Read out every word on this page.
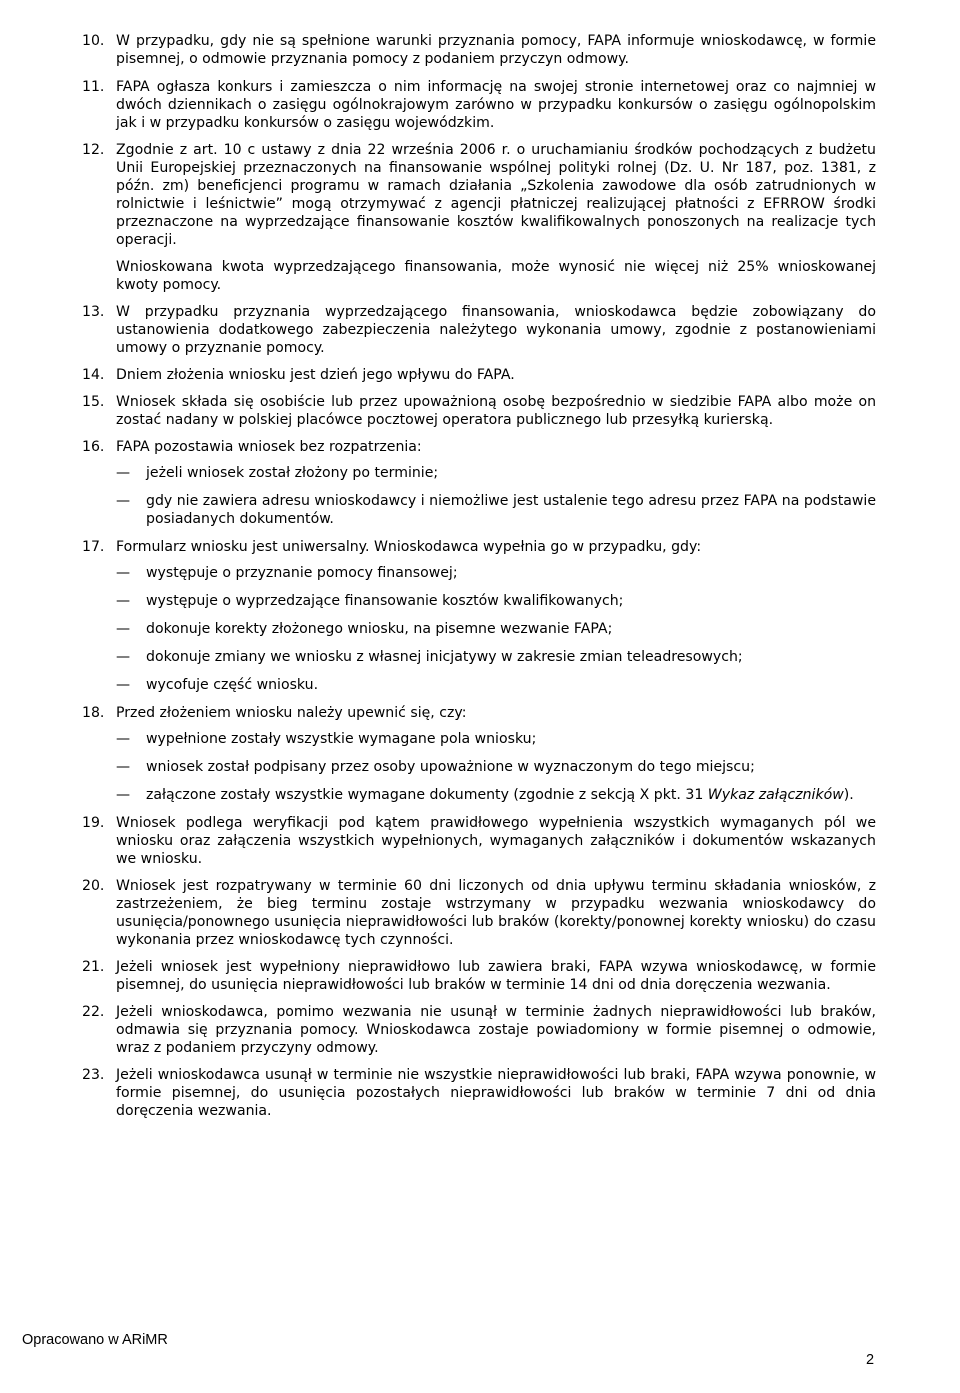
10. W przypadku, gdy nie są spełnione warunki przyznania pomocy, FAPA informuje wnioskodawcę, w formie pisemnej, o odmowie przyznania pomocy z podaniem przyczyn odmowy.

11. FAPA ogłasza konkurs i zamieszcza o nim informację na swojej stronie internetowej oraz co najmniej w dwóch dziennikach o zasięgu ogólnokrajowym zarówno w przypadku konkursów o zasięgu ogólnopolskim jak i w przypadku konkursów o zasięgu wojewódzkim.

12. Zgodnie z art. 10 c ustawy z dnia 22 września 2006 r. o uruchamianiu środków pochodzących z budżetu Unii Europejskiej przeznaczonych na finansowanie wspólnej polityki rolnej (Dz. U. Nr 187, poz. 1381, z późn. zm) beneficjenci programu w ramach działania „Szkolenia zawodowe dla osób zatrudnionych w rolnictwie i leśnictwie” mogą otrzymywać z agencji płatniczej realizującej płatności z EFRROW środki przeznaczone na wyprzedzające finansowanie kosztów kwalifikowalnych ponoszonych na realizacje tych operacji.

Wnioskowana kwota wyprzedzającego finansowania, może wynosić nie więcej niż 25% wnioskowanej kwoty pomocy.

13. W przypadku przyznania wyprzedzającego finansowania, wnioskodawca będzie zobowiązany do ustanowienia dodatkowego zabezpieczenia należytego wykonania umowy, zgodnie z postanowieniami umowy o przyznanie pomocy.

14. Dniem złożenia wniosku jest dzień jego wpływu do FAPA.

15. Wniosek składa się osobiście lub przez upoważnioną osobę bezpośrednio w siedzibie FAPA albo może on zostać nadany w polskiej placówce pocztowej operatora publicznego lub przesyłką kurierską.

16. FAPA pozostawia wniosek bez rozpatrzenia:

—	jeżeli wniosek został złożony po terminie;
—	gdy nie zawiera adresu wnioskodawcy i niemożliwe jest ustalenie tego adresu przez FAPA na podstawie posiadanych dokumentów.
17. Formularz wniosku jest uniwersalny. Wnioskodawca wypełnia go w przypadku, gdy:

—	występuje o przyznanie pomocy finansowej;
—	występuje o wyprzedzające finansowanie kosztów kwalifikowanych;
—	dokonuje korekty złożonego wniosku, na pisemne wezwanie FAPA;
—	dokonuje zmiany we wniosku z własnej inicjatywy w zakresie zmian teleadresowych;
—	wycofuje część wniosku.
18. Przed złożeniem wniosku należy upewnić się, czy:

—	wypełnione zostały wszystkie wymagane pola wniosku;
—	wniosek został podpisany przez osoby upoważnione w wyznaczonym do tego miejscu;
—	załączone zostały wszystkie wymagane dokumenty (zgodnie z sekcją X pkt. 31 Wykaz załączników).
19. Wniosek podlega weryfikacji pod kątem prawidłowego wypełnienia wszystkich wymaganych pól we wniosku oraz załączenia wszystkich wypełnionych, wymaganych załączników i dokumentów wskazanych we wniosku.

20. Wniosek jest rozpatrywany w terminie 60 dni liczonych od dnia upływu terminu składania wniosków, z zastrzeżeniem, że bieg terminu zostaje wstrzymany w przypadku wezwania wnioskodawcy do usunięcia/ponownego usunięcia nieprawidłowości lub braków (korekty/ponownej korekty wniosku) do czasu wykonania przez wnioskodawcę tych czynności.

21. Jeżeli wniosek jest wypełniony nieprawidłowo lub zawiera braki, FAPA wzywa wnioskodawcę, w formie pisemnej, do usunięcia nieprawidłowości lub braków w terminie 14 dni od dnia doręczenia wezwania.

22. Jeżeli wnioskodawca, pomimo wezwania nie usunął w terminie żadnych nieprawidłowości lub braków, odmawia się przyznania pomocy. Wnioskodawca zostaje powiadomiony w formie pisemnej o odmowie, wraz z podaniem przyczyny odmowy.

23. Jeżeli wnioskodawca usunął w terminie nie wszystkie nieprawidłowości lub braki, FAPA wzywa ponownie, w formie pisemnej, do usunięcia pozostałych nieprawidłowości lub braków w terminie 7 dni od dnia doręczenia wezwania.

Opracowano w ARiMR
2
